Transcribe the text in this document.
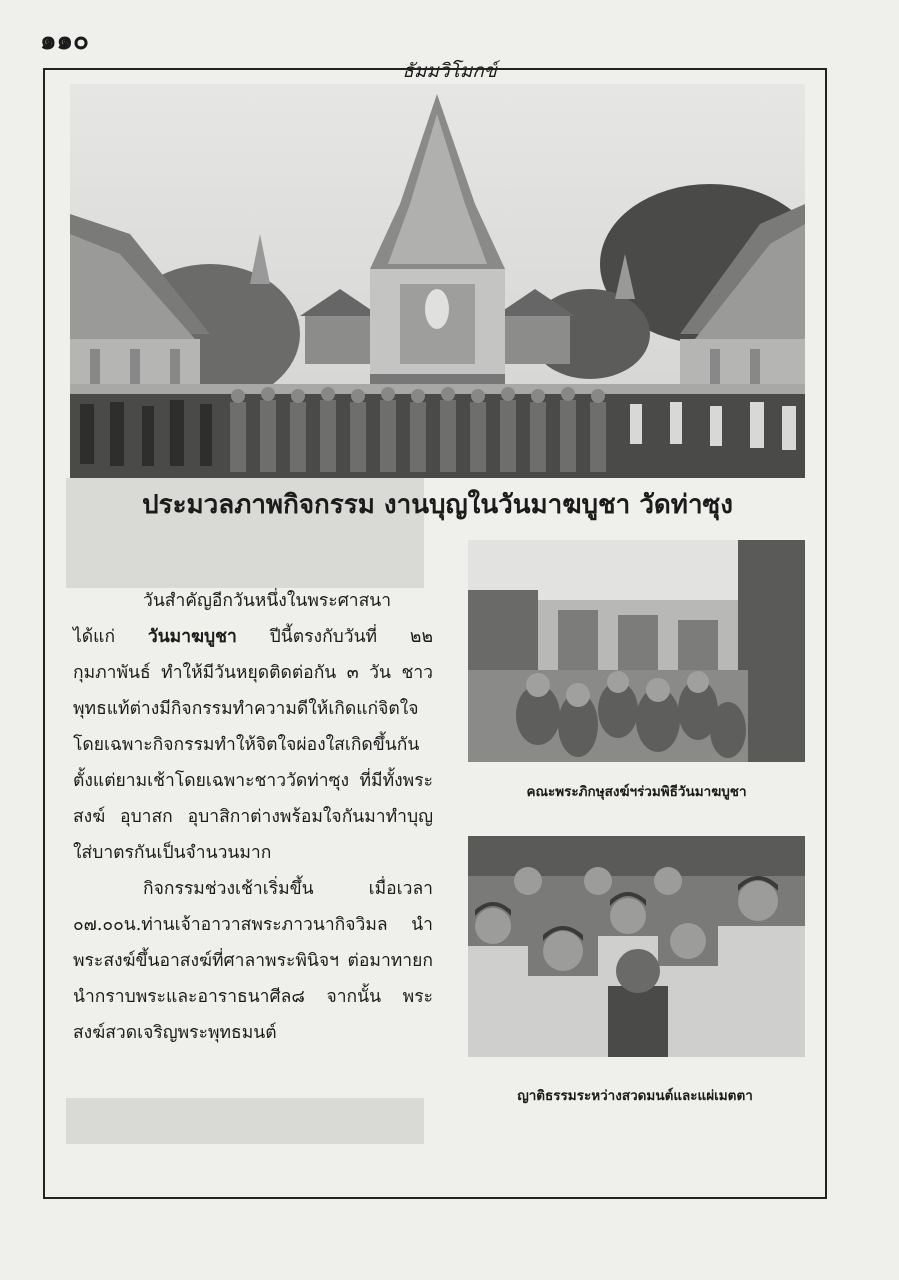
๑๑๐
ธัมมวิโมกข์
ประมวลภาพกิจกรรม งานบุญในวันมาฆบูชา วัดท่าซุง

วันสำคัญอีกวันหนึ่งในพระศาสนา ได้แก่ วันมาฆบูชา ปีนี้ตรงกับวันที่ ๒๒ กุมภาพันธ์ ทำให้มีวันหยุดติดต่อกัน ๓ วัน ชาวพุทธแท้ต่างมีกิจกรรมทำความดีให้เกิดแก่จิตใจ โดยเฉพาะกิจกรรมทำให้จิตใจผ่องใสเกิดขึ้นกันตั้งแต่ยามเช้าโดยเฉพาะชาววัดท่าซุง ที่มีทั้งพระสงฆ์ อุบาสก อุบาสิกาต่างพร้อมใจกันมาทำบุญใส่บาตรกันเป็นจำนวนมาก

กิจกรรมช่วงเช้าเริ่มขึ้น เมื่อเวลา ๐๗.๐๐น.ท่านเจ้าอาวาสพระภาวนากิจวิมล นำพระสงฆ์ขึ้นอาสงฆ์ที่ศาลาพระพินิจฯ ต่อมาทายกนำกราบพระและอาราธนาศีล๘ จากนั้น พระสงฆ์สวดเจริญพระพุทธมนต์

คณะพระภิกษุสงฆ์ฯร่วมพิธีวันมาฆบูชา
ญาติธรรมระหว่างสวดมนต์และแผ่เมตตา
